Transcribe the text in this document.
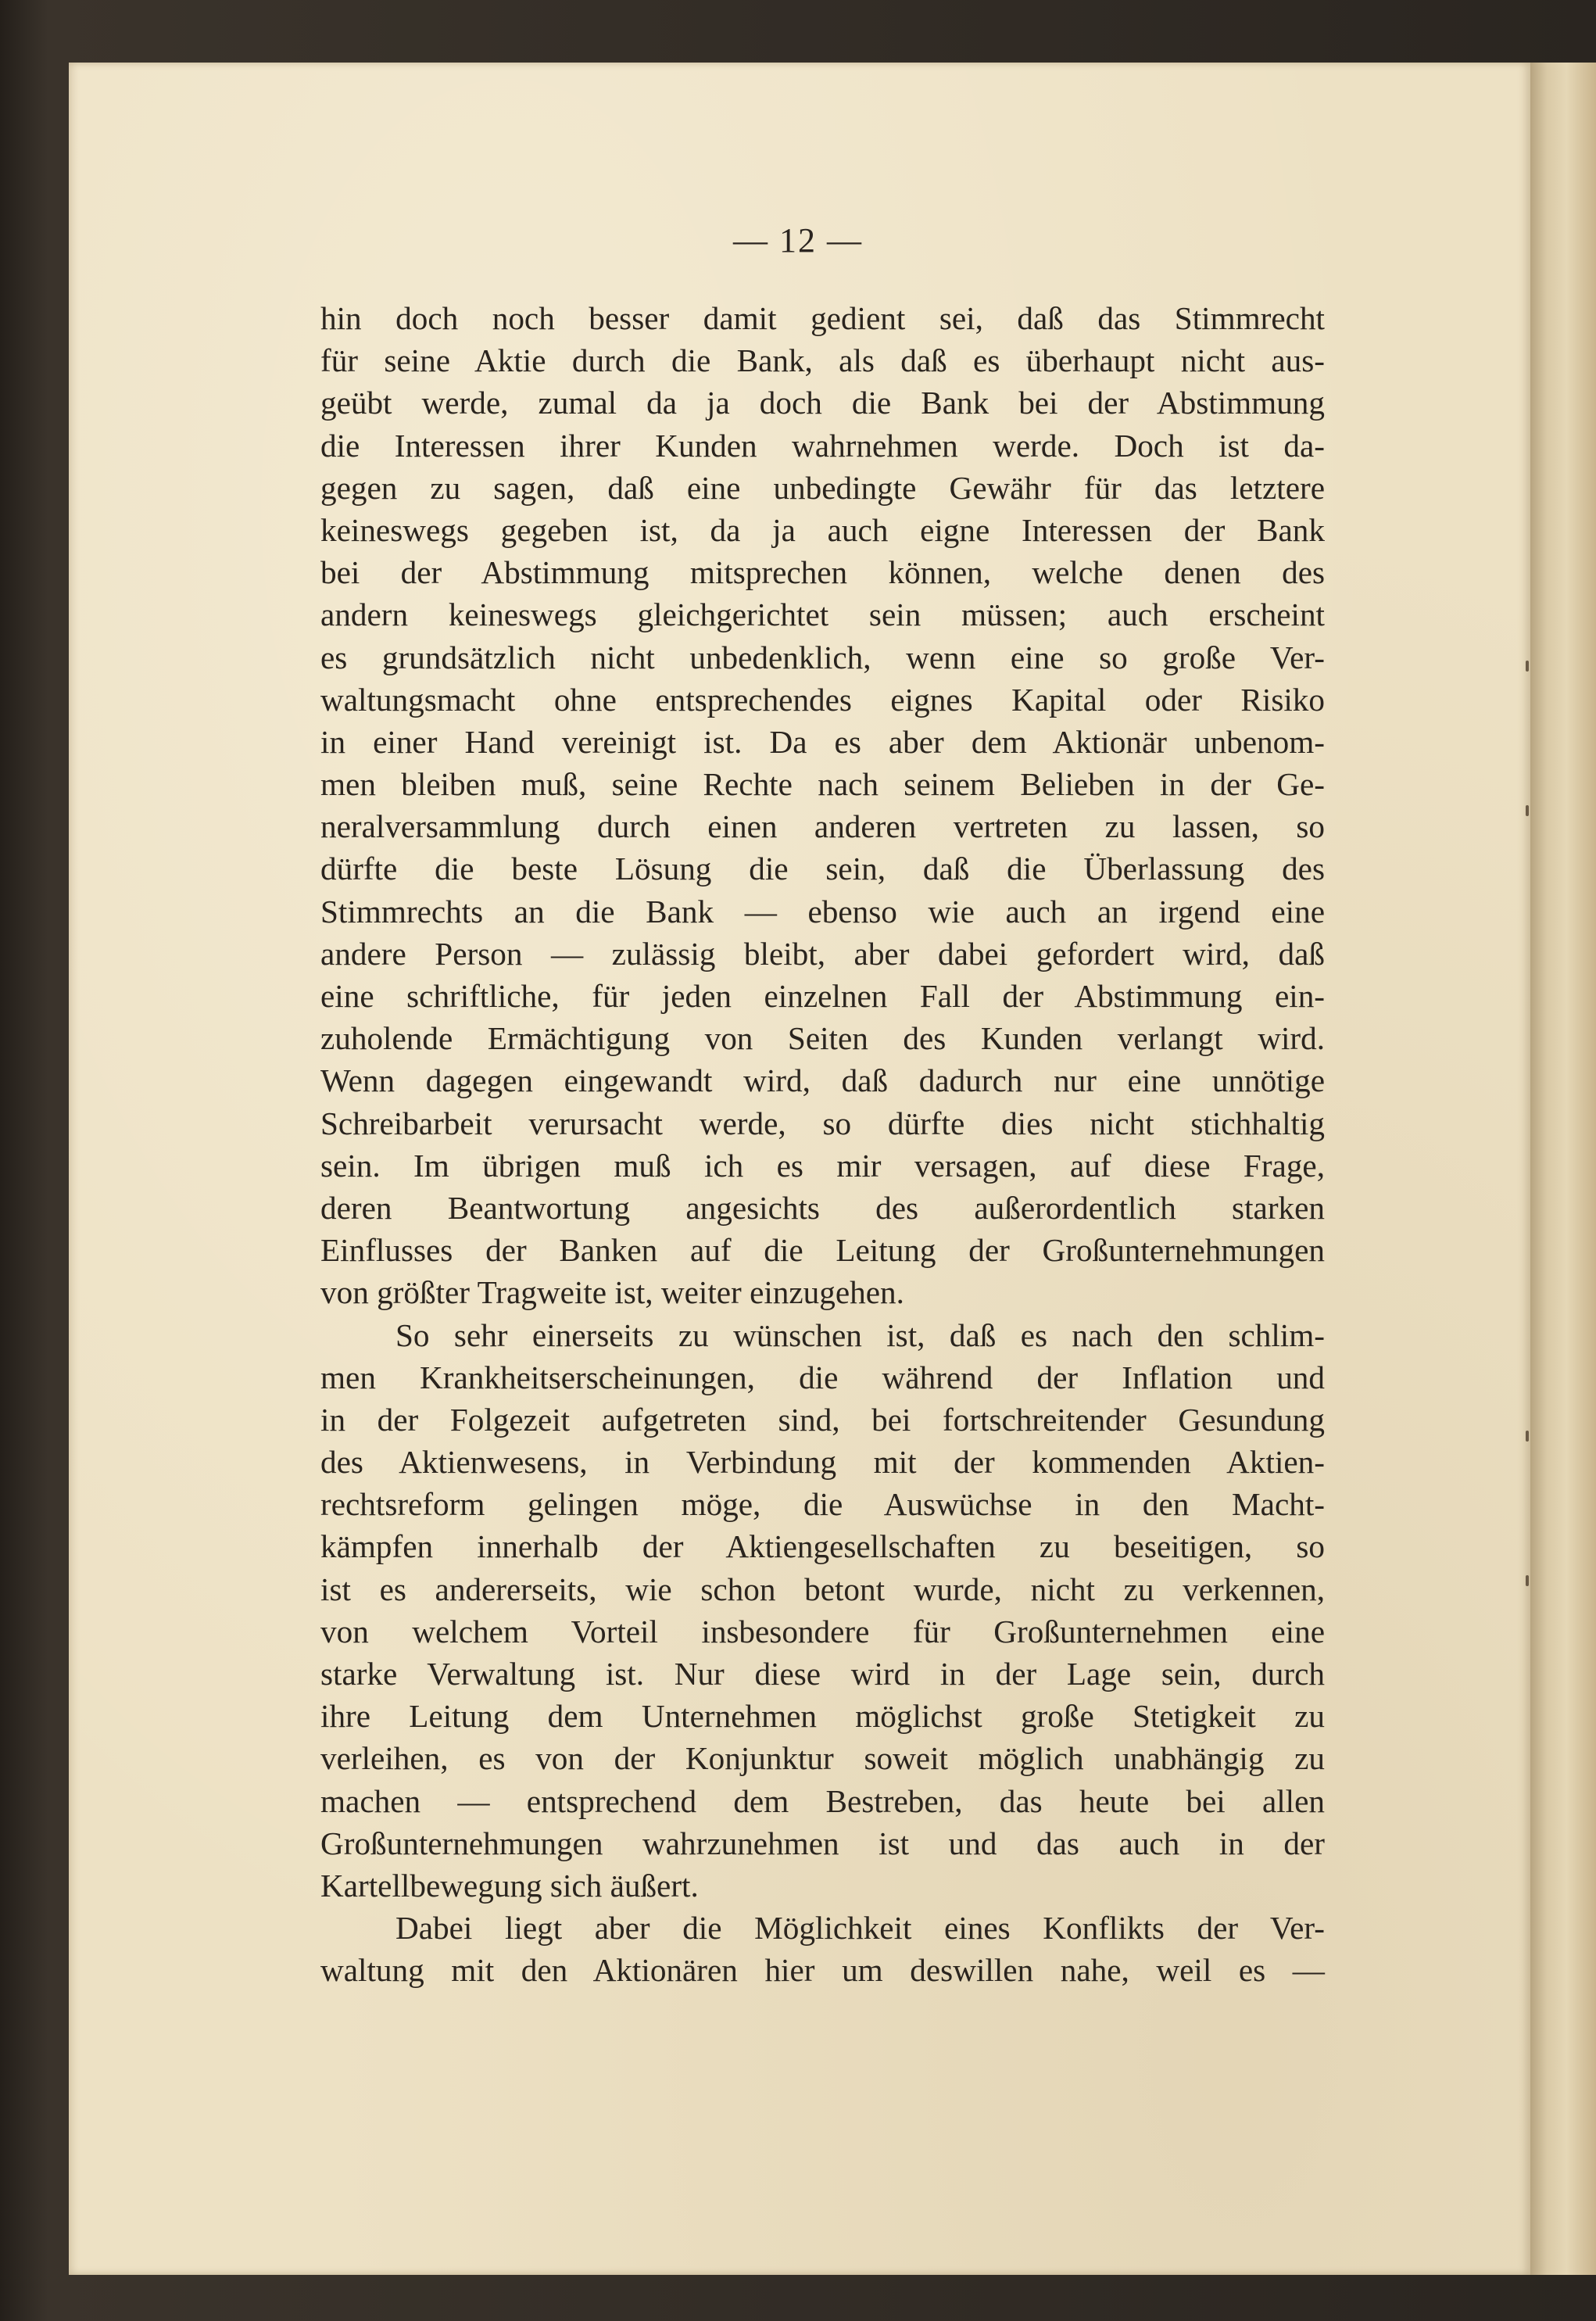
— 12 —
hin doch noch besser damit gedient sei, daß das Stimmrecht
für seine Aktie durch die Bank, als daß es überhaupt nicht aus-
geübt werde, zumal da ja doch die Bank bei der Abstimmung
die Interessen ihrer Kunden wahrnehmen werde. Doch ist da-
gegen zu sagen, daß eine unbedingte Gewähr für das letztere
keineswegs gegeben ist, da ja auch eigne Interessen der Bank
bei der Abstimmung mitsprechen können, welche denen des
andern keineswegs gleichgerichtet sein müssen; auch erscheint
es grundsätzlich nicht unbedenklich, wenn eine so große Ver-
waltungsmacht ohne entsprechendes eignes Kapital oder Risiko
in einer Hand vereinigt ist. Da es aber dem Aktionär unbenom-
men bleiben muß, seine Rechte nach seinem Belieben in der Ge-
neralversammlung durch einen anderen vertreten zu lassen, so
dürfte die beste Lösung die sein, daß die Überlassung des
Stimmrechts an die Bank — ebenso wie auch an irgend eine
andere Person — zulässig bleibt, aber dabei gefordert wird, daß
eine schriftliche, für jeden einzelnen Fall der Abstimmung ein-
zuholende Ermächtigung von Seiten des Kunden verlangt wird.
Wenn dagegen eingewandt wird, daß dadurch nur eine unnötige
Schreibarbeit verursacht werde, so dürfte dies nicht stichhaltig
sein. Im übrigen muß ich es mir versagen, auf diese Frage,
deren Beantwortung angesichts des außerordentlich starken
Einflusses der Banken auf die Leitung der Großunternehmungen
von größter Tragweite ist, weiter einzugehen.
So sehr einerseits zu wünschen ist, daß es nach den schlim-
men Krankheitserscheinungen, die während der Inflation und
in der Folgezeit aufgetreten sind, bei fortschreitender Gesundung
des Aktienwesens, in Verbindung mit der kommenden Aktien-
rechtsreform gelingen möge, die Auswüchse in den Macht-
kämpfen innerhalb der Aktiengesellschaften zu beseitigen, so
ist es andererseits, wie schon betont wurde, nicht zu verkennen,
von welchem Vorteil insbesondere für Großunternehmen eine
starke Verwaltung ist. Nur diese wird in der Lage sein, durch
ihre Leitung dem Unternehmen möglichst große Stetigkeit zu
verleihen, es von der Konjunktur soweit möglich unabhängig zu
machen — entsprechend dem Bestreben, das heute bei allen
Großunternehmungen wahrzunehmen ist und das auch in der
Kartellbewegung sich äußert.
Dabei liegt aber die Möglichkeit eines Konflikts der Ver-
waltung mit den Aktionären hier um deswillen nahe, weil es —
